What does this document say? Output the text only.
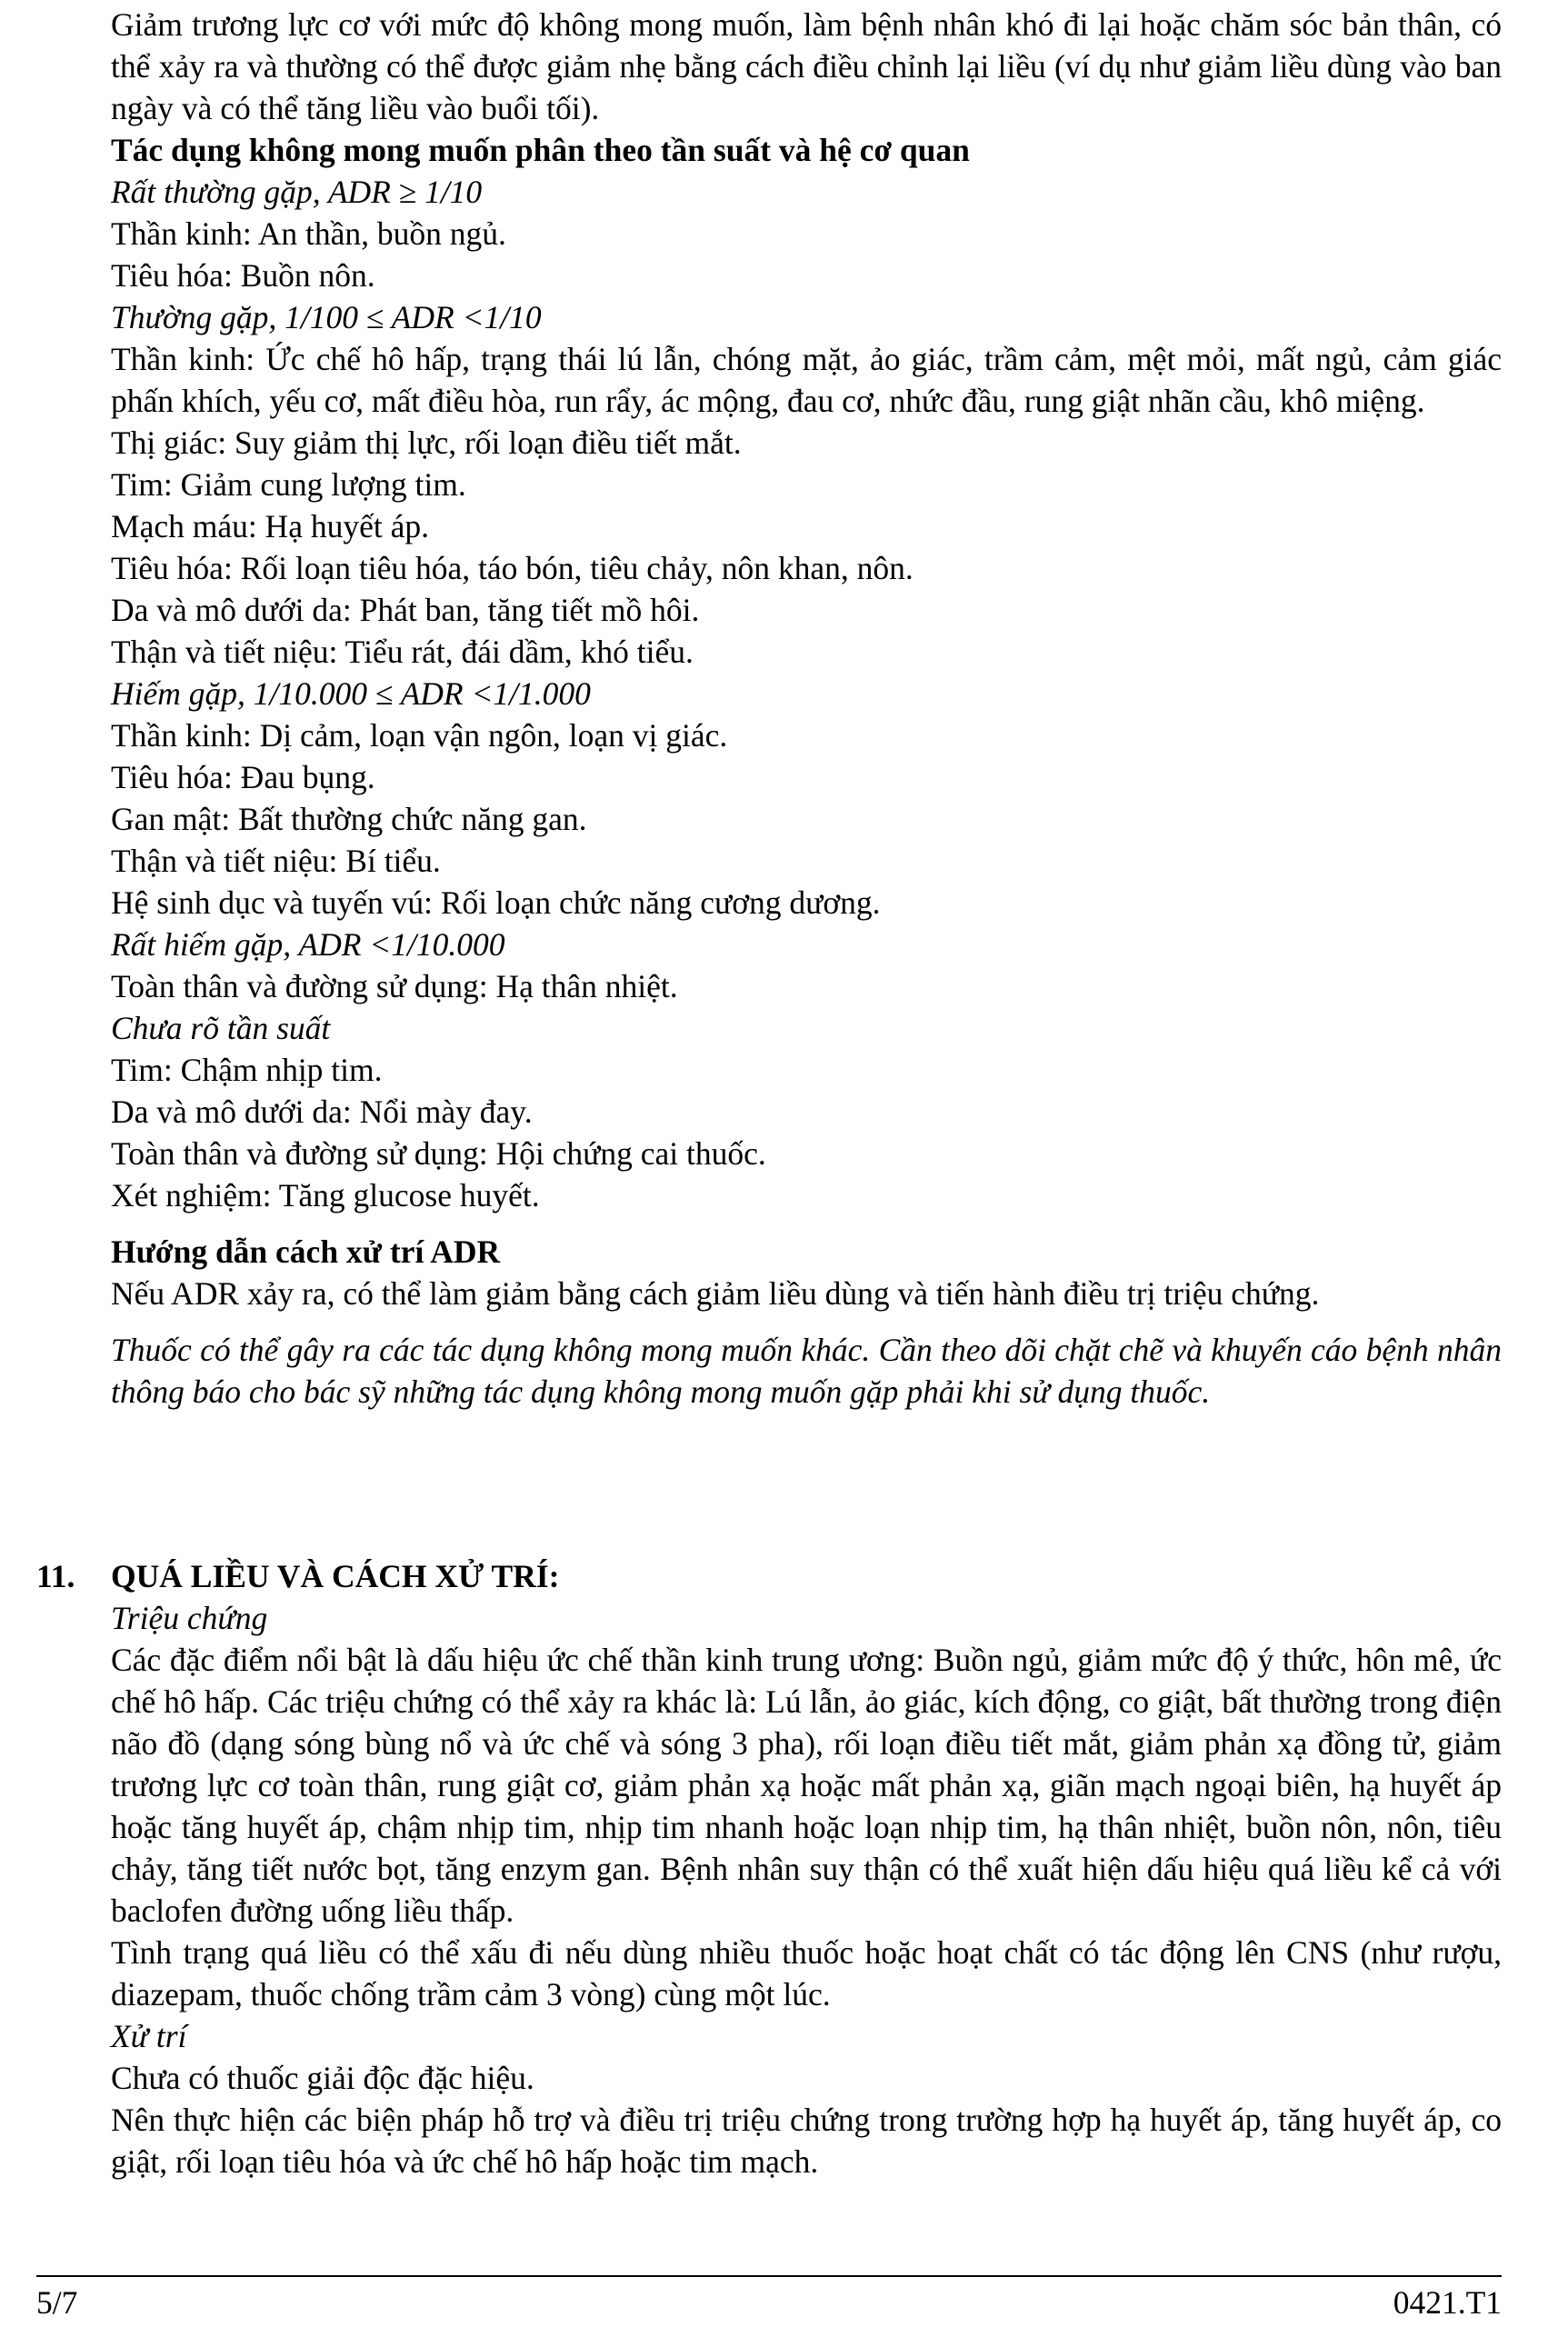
Giảm trương lực cơ với mức độ không mong muốn, làm bệnh nhân khó đi lại hoặc chăm sóc bản thân, có thể xảy ra và thường có thể được giảm nhẹ bằng cách điều chỉnh lại liều (ví dụ như giảm liều dùng vào ban ngày và có thể tăng liều vào buổi tối).

Tác dụng không mong muốn phân theo tần suất và hệ cơ quan

Rất thường gặp, ADR ≥ 1/10

Thần kinh: An thần, buồn ngủ.

Tiêu hóa: Buồn nôn.

Thường gặp, 1/100 ≤ ADR <1/10

Thần kinh: Ức chế hô hấp, trạng thái lú lẫn, chóng mặt, ảo giác, trầm cảm, mệt mỏi, mất ngủ, cảm giác phấn khích, yếu cơ, mất điều hòa, run rẩy, ác mộng, đau cơ, nhức đầu, rung giật nhãn cầu, khô miệng.

Thị giác: Suy giảm thị lực, rối loạn điều tiết mắt.

Tim: Giảm cung lượng tim.

Mạch máu: Hạ huyết áp.

Tiêu hóa: Rối loạn tiêu hóa, táo bón, tiêu chảy, nôn khan, nôn.

Da và mô dưới da: Phát ban, tăng tiết mồ hôi.

Thận và tiết niệu: Tiểu rát, đái dầm, khó tiểu.

Hiếm gặp, 1/10.000 ≤ ADR <1/1.000

Thần kinh: Dị cảm, loạn vận ngôn, loạn vị giác.

Tiêu hóa: Đau bụng.

Gan mật: Bất thường chức năng gan.

Thận và tiết niệu: Bí tiểu.

Hệ sinh dục và tuyến vú: Rối loạn chức năng cương dương.

Rất hiếm gặp, ADR <1/10.000

Toàn thân và đường sử dụng: Hạ thân nhiệt.

Chưa rõ tần suất

Tim: Chậm nhịp tim.

Da và mô dưới da: Nổi mày đay.

Toàn thân và đường sử dụng: Hội chứng cai thuốc.

Xét nghiệm: Tăng glucose huyết.

Hướng dẫn cách xử trí ADR

Nếu ADR xảy ra, có thể làm giảm bằng cách giảm liều dùng và tiến hành điều trị triệu chứng.

Thuốc có thể gây ra các tác dụng không mong muốn khác. Cần theo dõi chặt chẽ và khuyến cáo bệnh nhân thông báo cho bác sỹ những tác dụng không mong muốn gặp phải khi sử dụng thuốc.

11. QUÁ LIỀU VÀ CÁCH XỬ TRÍ:

Triệu chứng

Các đặc điểm nổi bật là dấu hiệu ức chế thần kinh trung ương: Buồn ngủ, giảm mức độ ý thức, hôn mê, ức chế hô hấp. Các triệu chứng có thể xảy ra khác là: Lú lẫn, ảo giác, kích động, co giật, bất thường trong điện não đồ (dạng sóng bùng nổ và ức chế và sóng 3 pha), rối loạn điều tiết mắt, giảm phản xạ đồng tử, giảm trương lực cơ toàn thân, rung giật cơ, giảm phản xạ hoặc mất phản xạ, giãn mạch ngoại biên, hạ huyết áp hoặc tăng huyết áp, chậm nhịp tim, nhịp tim nhanh hoặc loạn nhịp tim, hạ thân nhiệt, buồn nôn, nôn, tiêu chảy, tăng tiết nước bọt, tăng enzym gan. Bệnh nhân suy thận có thể xuất hiện dấu hiệu quá liều kể cả với baclofen đường uống liều thấp.

Tình trạng quá liều có thể xấu đi nếu dùng nhiều thuốc hoặc hoạt chất có tác động lên CNS (như rượu, diazepam, thuốc chống trầm cảm 3 vòng) cùng một lúc.

Xử trí

Chưa có thuốc giải độc đặc hiệu.

Nên thực hiện các biện pháp hỗ trợ và điều trị triệu chứng trong trường hợp hạ huyết áp, tăng huyết áp, co giật, rối loạn tiêu hóa và ức chế hô hấp hoặc tim mạch.

5/7	0421.T1
